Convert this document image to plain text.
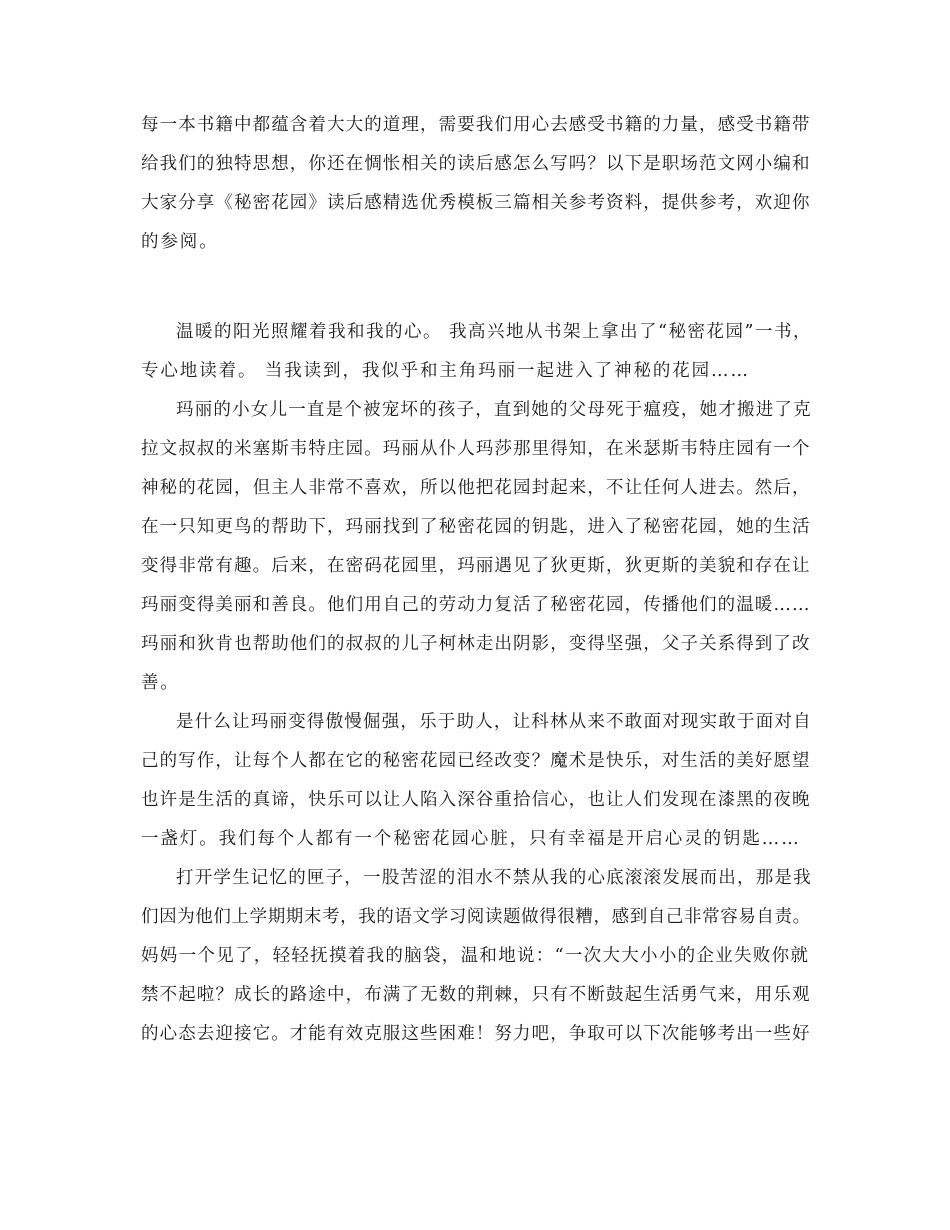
每一本书籍中都蕴含着大大的道理，需要我们用心去感受书籍的力量，感受书籍带
给我们的独特思想，你还在惆怅相关的读后感怎么写吗？以下是职场范文网小编和
大家分享《秘密花园》读后感精选优秀模板三篇相关参考资料，提供参考，欢迎你
的参阅。
温暖的阳光照耀着我和我的心。 我高兴地从书架上拿出了“秘密花园”一书，
专心地读着。 当我读到，我似乎和主角玛丽一起进入了神秘的花园……
玛丽的小女儿一直是个被宠坏的孩子，直到她的父母死于瘟疫，她才搬进了克
拉文叔叔的米塞斯韦特庄园。玛丽从仆人玛莎那里得知，在米瑟斯韦特庄园有一个
神秘的花园，但主人非常不喜欢，所以他把花园封起来，不让任何人进去。然后，
在一只知更鸟的帮助下，玛丽找到了秘密花园的钥匙，进入了秘密花园，她的生活
变得非常有趣。后来，在密码花园里，玛丽遇见了狄更斯，狄更斯的美貌和存在让
玛丽变得美丽和善良。他们用自己的劳动力复活了秘密花园，传播他们的温暖……
玛丽和狄肯也帮助他们的叔叔的儿子柯林走出阴影，变得坚强，父子关系得到了改
善。
是什么让玛丽变得傲慢倔强，乐于助人，让科林从来不敢面对现实敢于面对自
己的写作，让每个人都在它的秘密花园已经改变？魔术是快乐，对生活的美好愿望
也许是生活的真谛，快乐可以让人陷入深谷重拾信心，也让人们发现在漆黑的夜晚
一盏灯。我们每个人都有一个秘密花园心脏，只有幸福是开启心灵的钥匙……
打开学生记忆的匣子，一股苦涩的泪水不禁从我的心底滚滚发展而出，那是我
们因为他们上学期期末考，我的语文学习阅读题做得很糟，感到自己非常容易自责。
妈妈一个见了，轻轻抚摸着我的脑袋，温和地说：“一次大大小小的企业失败你就
禁不起啦？成长的路途中，布满了无数的荆棘，只有不断鼓起生活勇气来，用乐观
的心态去迎接它。才能有效克服这些困难！努力吧，争取可以下次能够考出一些好
